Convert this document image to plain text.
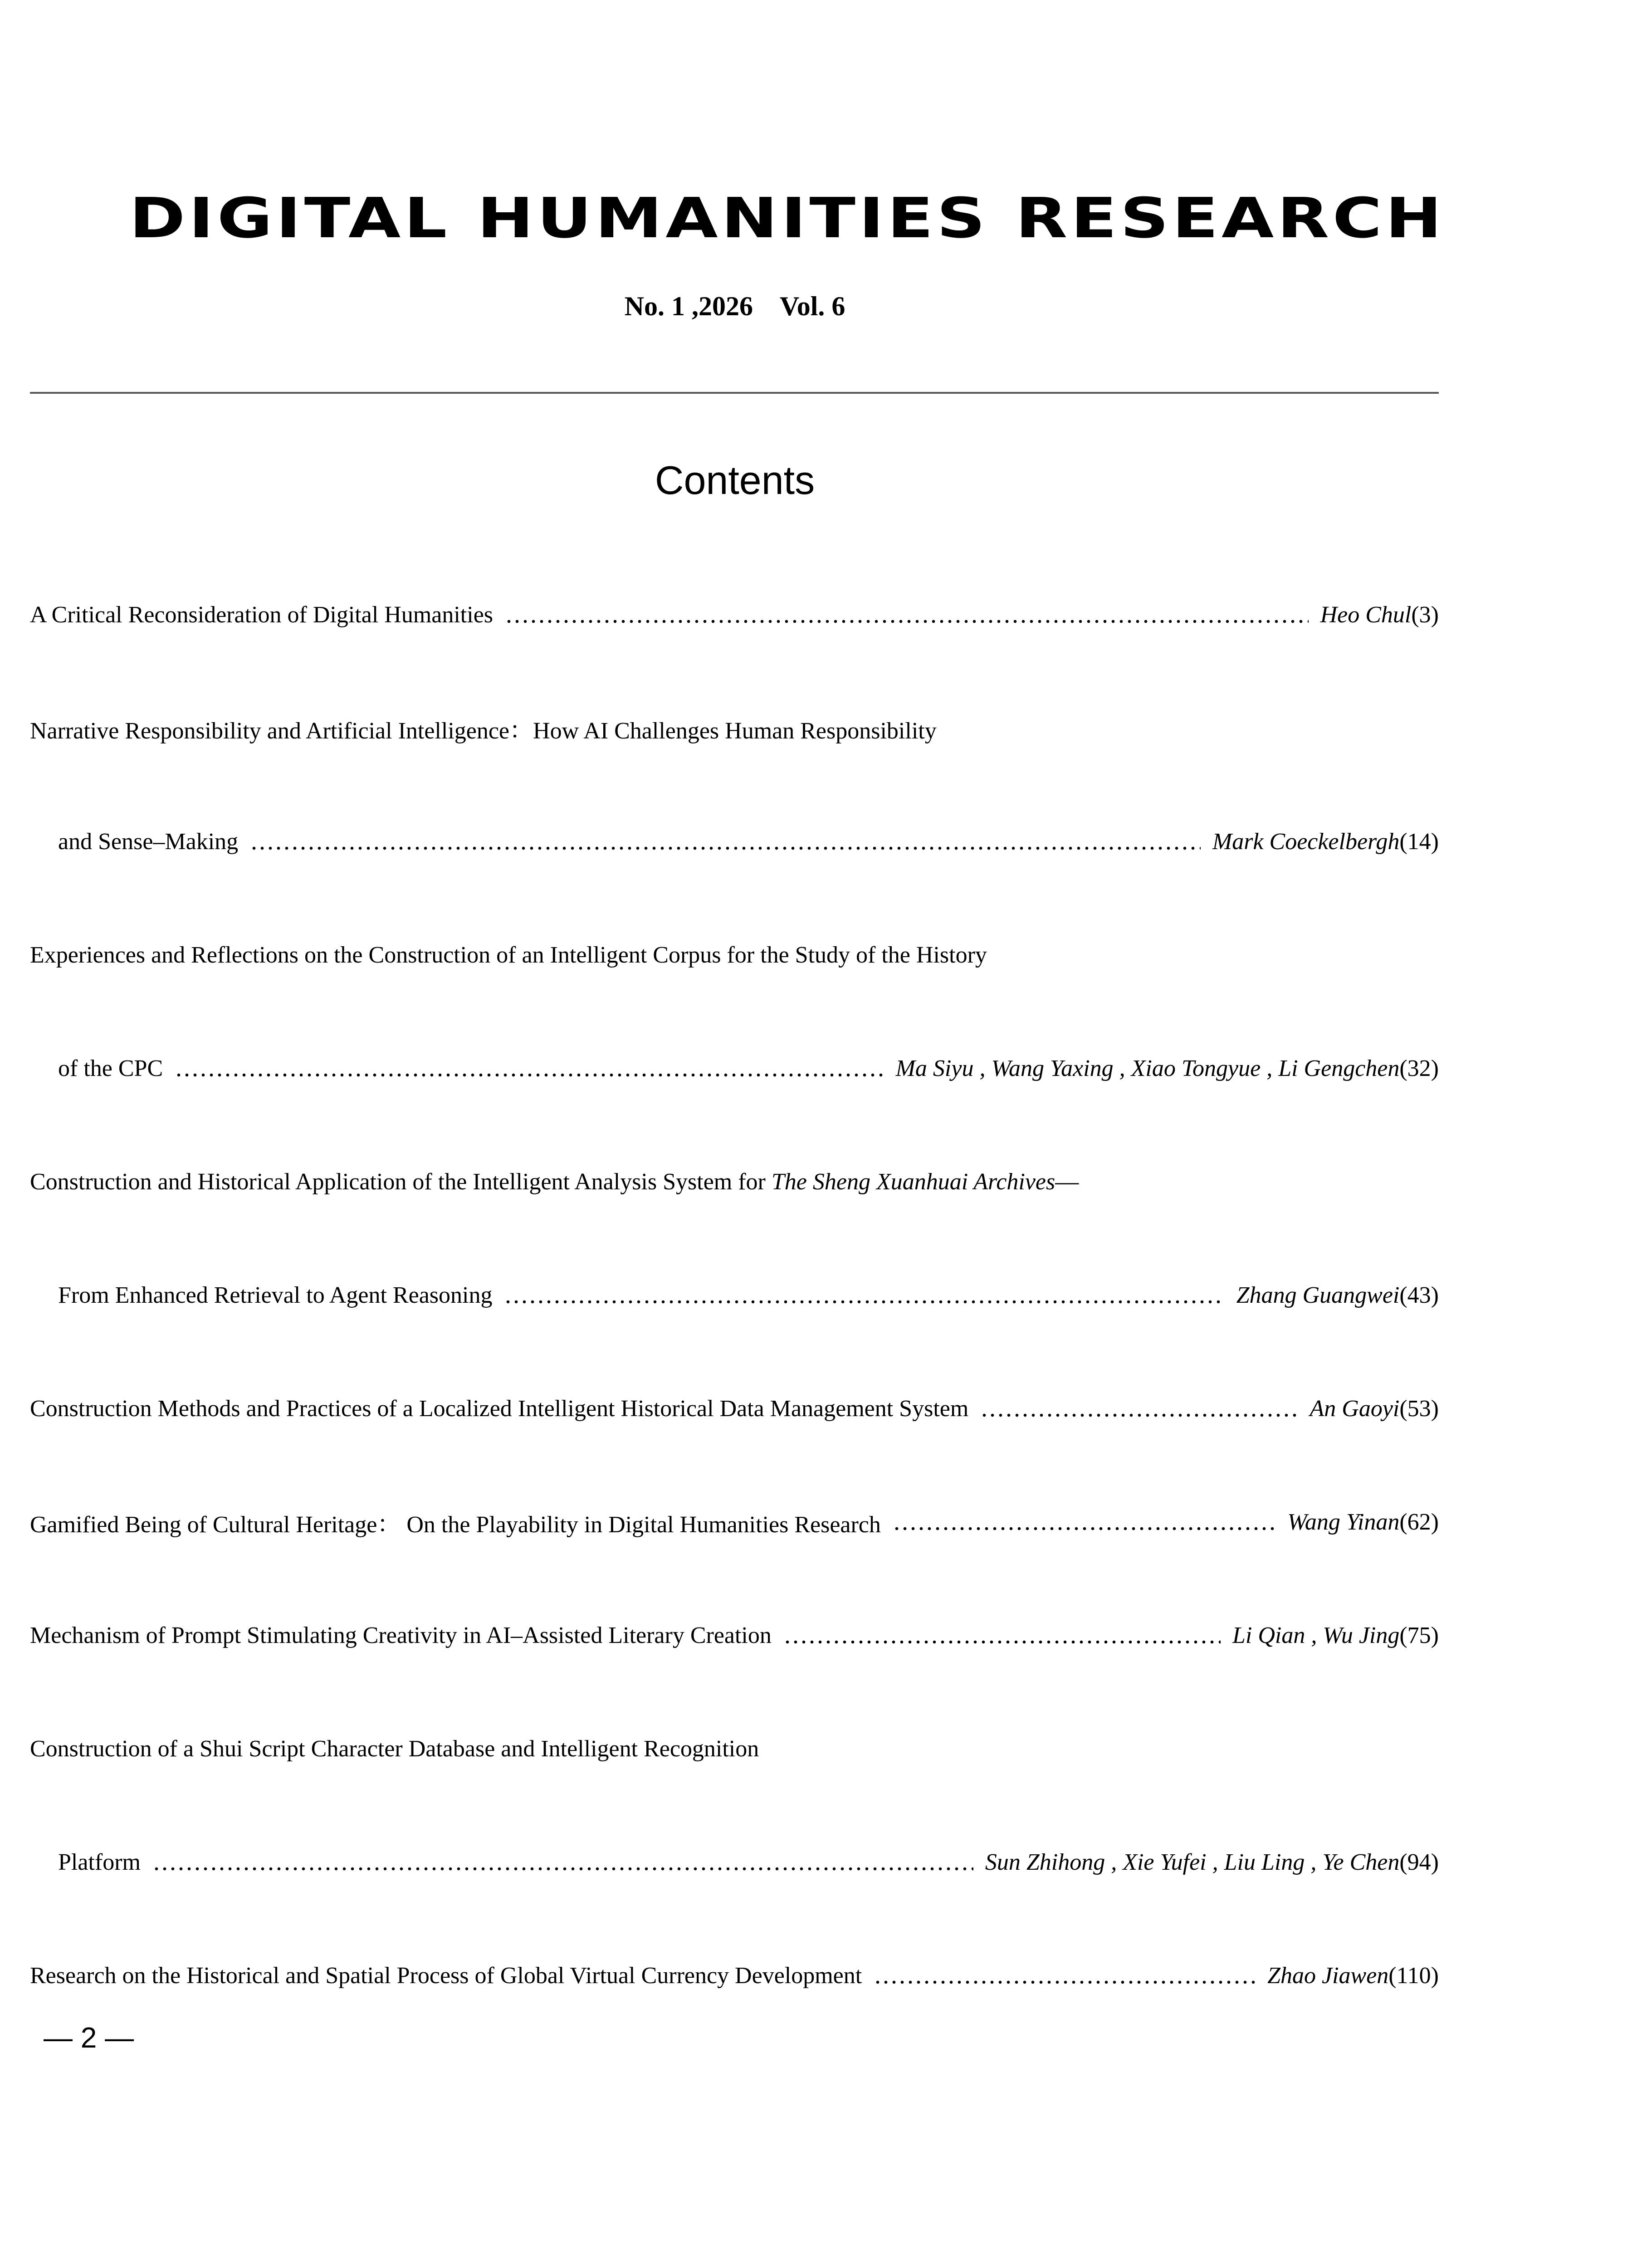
DIGITAL HUMANITIES RESEARCH
No. 1 ,2026    Vol. 6
Contents
A Critical Reconsideration of Digital Humanities	Heo Chul (3)
Narrative Responsibility and Artificial Intelligence：How AI Challenges Human Responsibility
and Sense–Making	Mark Coeckelbergh (14)
Experiences and Reflections on the Construction of an Intelligent Corpus for the Study of the History
of the CPC	Ma Siyu , Wang Yaxing , Xiao Tongyue , Li Gengchen (32)
Construction and Historical Application of the Intelligent Analysis System for The Sheng Xuanhuai Archives—
From Enhanced Retrieval to Agent Reasoning	Zhang Guangwei (43)
Construction Methods and Practices of a Localized Intelligent Historical Data Management System	An Gaoyi (53)
Gamified Being of Cultural Heritage： On the Playability in Digital Humanities Research	Wang Yinan (62)
Mechanism of Prompt Stimulating Creativity in AI–Assisted Literary Creation	Li Qian , Wu Jing (75)
Construction of a Shui Script Character Database and Intelligent Recognition
Platform	Sun Zhihong , Xie Yufei , Liu Ling , Ye Chen (94)
Research on the Historical and Spatial Process of Global Virtual Currency Development	Zhao Jiawen (110)
— 2 —
